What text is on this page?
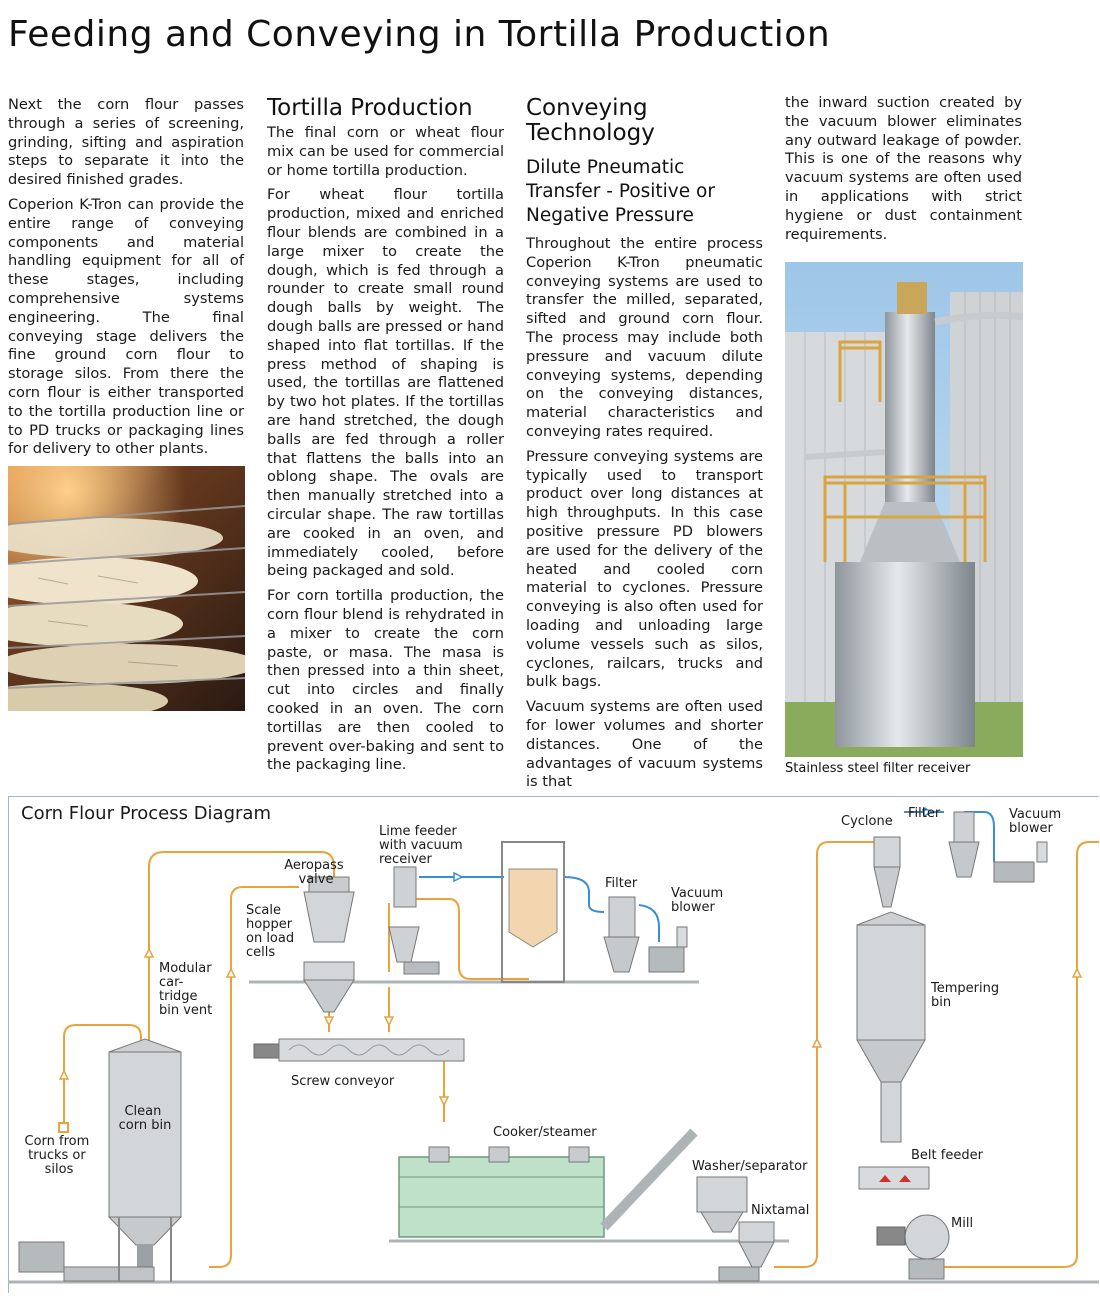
Feeding and Conveying in Tortilla Production

Next the corn flour passes through a series of screening, grinding, sifting and aspiration steps to separate it into the desired finished grades.

Coperion K-Tron can provide the entire range of conveying components and material handling equipment for all of these stages, including comprehensive systems engineering. The final conveying stage delivers the fine ground corn flour to storage silos. From there the corn flour is either transported to the tortilla production line or to PD trucks or packaging lines for delivery to other plants.

Tortilla Production

The final corn or wheat flour mix can be used for commercial or home tortilla production.

For wheat flour tortilla production, mixed and enriched flour blends are combined in a large mixer to create the dough, which is fed through a rounder to create small round dough balls by weight. The dough balls are pressed or hand shaped into flat tortillas. If the press method of shaping is used, the tortillas are flattened by two hot plates. If the tortillas are hand stretched, the dough balls are fed through a roller that flattens the balls into an oblong shape. The ovals are then manually stretched into a circular shape. The raw tortillas are cooked in an oven, and immediately cooled, before being packaged and sold.

For corn tortilla production, the corn flour blend is rehydrated in a mixer to create the corn paste, or masa. The masa is then pressed into a thin sheet, cut into circles and finally cooked in an oven. The corn tortillas are then cooled to prevent over-baking and sent to the packaging line.

Conveying Technology
Dilute Pneumatic Transfer - Positive or Negative Pressure

Throughout the entire process Coperion K-Tron pneumatic conveying systems are used to transfer the milled, separated, sifted and ground corn flour. The process may include both pressure and vacuum dilute conveying systems, depending on the conveying distances, material characteristics and conveying rates required.

Pressure conveying systems are typically used to transport product over long distances at high throughputs. In this case positive pressure PD blowers are used for the delivery of the heated and cooled corn material to cyclones. Pressure conveying is also often used for loading and unloading large volume vessels such as silos, cyclones, railcars, trucks and bulk bags.

Vacuum systems are often used for lower volumes and shorter distances. One of the advantages of vacuum systems is that

the inward suction created by the vacuum blower eliminates any outward leakage of powder. This is one of the reasons why vacuum systems are often used in applications with strict hygiene or dust containment requirements.

Stainless steel filter receiver
Corn Flour Process Diagram
Modular car- tridge bin vent
Clean corn bin
Corn from trucks or silos
Aeropass valve
Scale hopper on load cells
Lime feeder with vacuum receiver
Filter
Vacuum blower
Screw conveyor
Cooker/steamer
Washer/separator
Nixtamal
Cyclone
Filter	Vacuum blower
Tempering bin
Belt feeder
Mill
